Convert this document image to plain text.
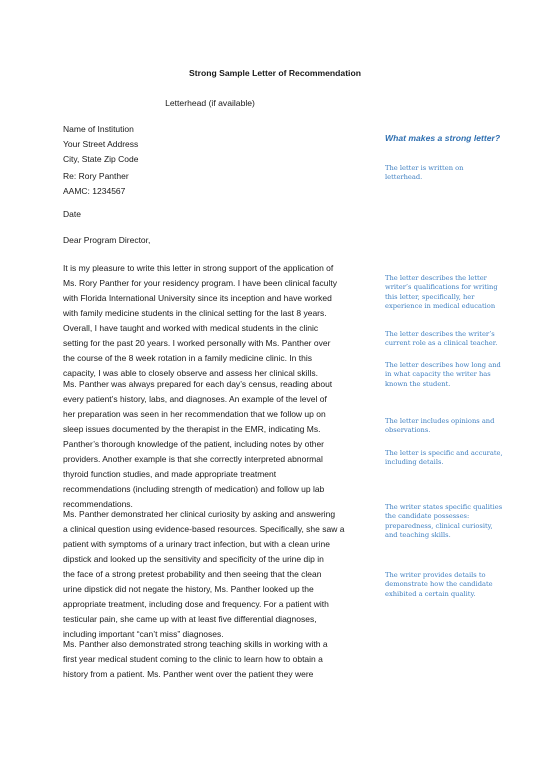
Strong Sample Letter of Recommendation
Letterhead (if available)
Name of Institution
Your Street Address
City, State Zip Code
Re: Rory Panther
AAMC: 1234567
Date
Dear Program Director,
It is my pleasure to write this letter in strong support of the application of
Ms. Rory Panther for your residency program. I have been clinical faculty
with Florida International University since its inception and have worked
with family medicine students in the clinical setting for the last 8 years.
Overall, I have taught and worked with medical students in the clinic
setting for the past 20 years. I worked personally with Ms. Panther over
the course of the 8 week rotation in a family medicine clinic. In this
capacity, I was able to closely observe and assess her clinical skills.
Ms. Panther was always prepared for each day’s census, reading about
every patient’s history, labs, and diagnoses. An example of the level of
her preparation was seen in her recommendation that we follow up on
sleep issues documented by the therapist in the EMR, indicating Ms.
Panther’s thorough knowledge of the patient, including notes by other
providers. Another example is that she correctly interpreted abnormal
thyroid function studies, and made appropriate treatment
recommendations (including strength of medication) and follow up lab
recommendations.
Ms. Panther demonstrated her clinical curiosity by asking and answering
a clinical question using evidence-based resources. Specifically, she saw a
patient with symptoms of a urinary tract infection, but with a clean urine
dipstick and looked up the sensitivity and specificity of the urine dip in
the face of a strong pretest probability and then seeing that the clean
urine dipstick did not negate the history, Ms. Panther looked up the
appropriate treatment, including dose and frequency. For a patient with
testicular pain, she came up with at least five differential diagnoses,
including important “can’t miss” diagnoses.
Ms. Panther also demonstrated strong teaching skills in working with a
first year medical student coming to the clinic to learn how to obtain a
history from a patient. Ms. Panther went over the patient they were
What makes a strong letter?
The letter is written on
letterhead.
The letter describes the letter
writer’s qualifications for writing
this letter, specifically, her
experience in medical education
The letter describes the writer’s
current role as a clinical teacher.
The letter describes how long and
in what capacity the writer has
known the student.
The letter includes opinions and
observations.
The letter is specific and accurate,
including details.
The writer states specific qualities
the candidate possesses:
preparedness, clinical curiosity,
and teaching skills.
The writer provides details to
demonstrate how the candidate
exhibited a certain quality.
